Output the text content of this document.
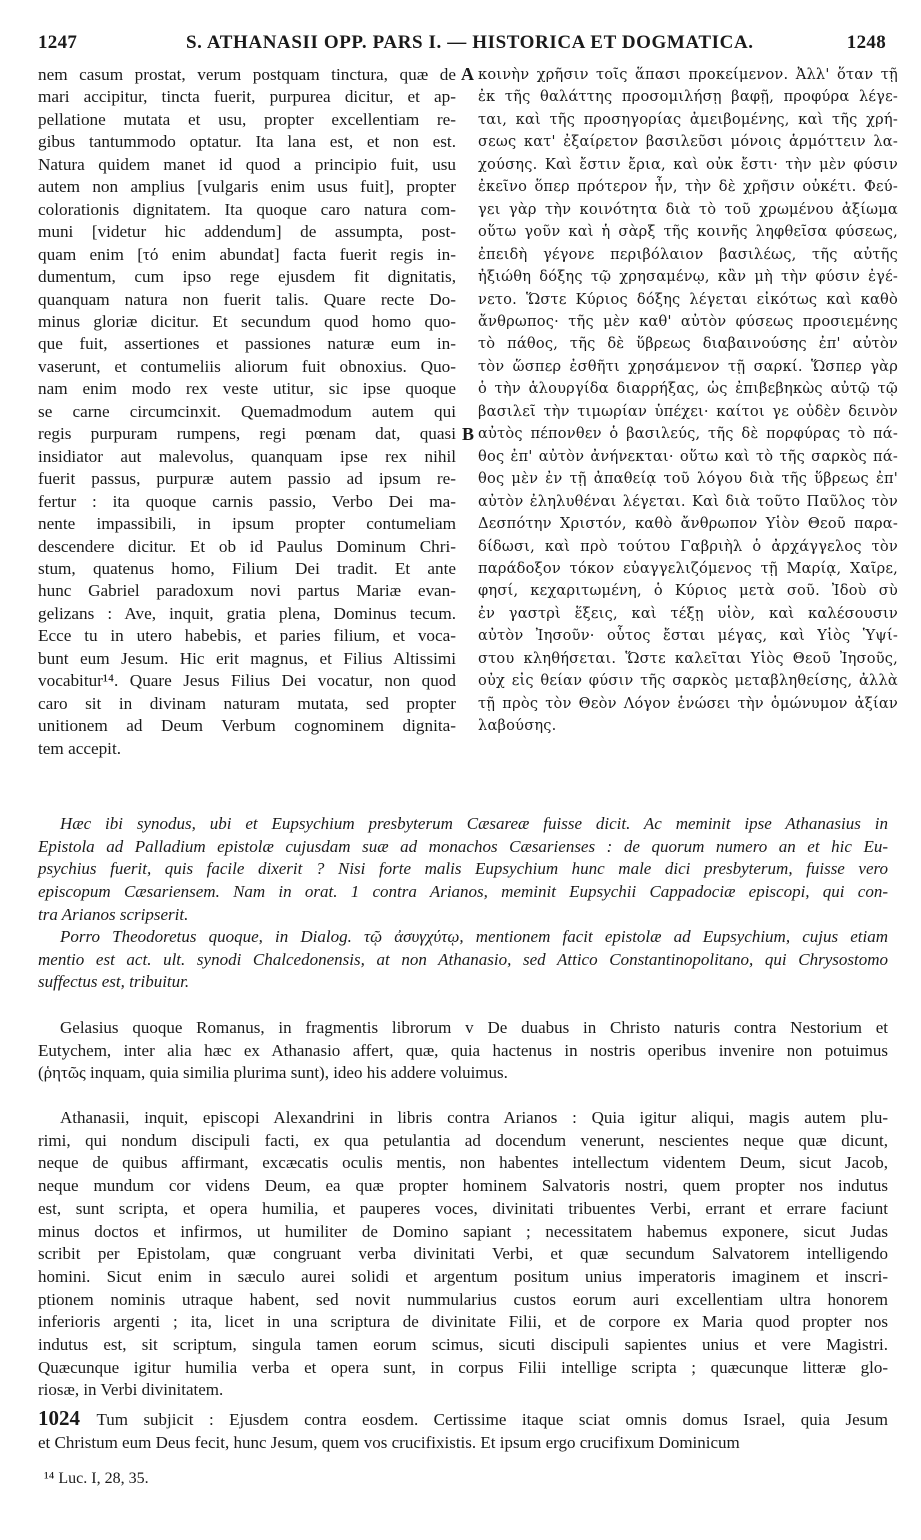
1247	S. ATHANASII OPP. PARS I. — HISTORICA ET DOGMATICA.	1248
nem casum prostat, verum postquam tinctura, quæ de
mari accipitur, tincta fuerit, purpurea dicitur, et ap-
pellatione mutata et usu, propter excellentiam re-
gibus tantummodo optatur. Ita lana est, et non est.
Natura quidem manet id quod a principio fuit, usu
autem non amplius [vulgaris enim usus fuit], propter
colorationis dignitatem. Ita quoque caro natura com-
muni [videtur hic addendum] de assumpta, post-
quam enim [τό enim abundat] facta fuerit regis in-
dumentum, cum ipso rege ejusdem fit dignitatis,
quanquam natura non fuerit talis. Quare recte Do-
minus gloriæ dicitur. Et secundum quod homo quo-
que fuit, assertiones et passiones naturæ eum in-
vaserunt, et contumeliis aliorum fuit obnoxius. Quo-
nam enim modo rex veste utitur, sic ipse quoque
se carne circumcinxit. Quemadmodum autem qui
regis purpuram rumpens, regi pœnam dat, quasi
insidiator aut malevolus, quanquam ipse rex nihil
fuerit passus, purpuræ autem passio ad ipsum re-
fertur : ita quoque carnis passio, Verbo Dei ma-
nente impassibili, in ipsum propter contumeliam
descendere dicitur. Et ob id Paulus Dominum Chri-
stum, quatenus homo, Filium Dei tradit. Et ante
hunc Gabriel paradoxum novi partus Mariæ evan-
gelizans : Ave, inquit, gratia plena, Dominus tecum.
Ecce tu in utero habebis, et paries filium, et voca-
bunt eum Jesum. Hic erit magnus, et Filius Altissimi
vocabitur¹⁴. Quare Jesus Filius Dei vocatur, non quod
caro sit in divinam naturam mutata, sed propter
unitionem ad Deum Verbum cognominem dignita-
tem accepit.
A
B
κοινὴν χρῆσιν τοῖς ἅπασι προκείμενον. Ἀλλ' ὅταν τῇ
ἐκ τῆς θαλάττης προσομιλήσῃ βαφῇ, προφύρα λέγε-
ται, καὶ τῆς προσηγορίας ἀμειβομένης, καὶ τῆς χρή-
σεως κατ' ἐξαίρετον βασιλεῦσι μόνοις ἁρμόττειν λα-
χούσης. Καὶ ἔστιν ἔρια, καὶ οὐκ ἔστι· τὴν μὲν φύσιν
ἐκεῖνο ὅπερ πρότερον ἦν, τὴν δὲ χρῆσιν οὐκέτι. Φεύ-
γει γὰρ τὴν κοινότητα διὰ τὸ τοῦ χρωμένου ἀξίωμα
οὕτω γοῦν καὶ ἡ σὰρξ τῆς κοινῆς ληφθεῖσα φύσεως,
ἐπειδὴ γέγονε περιβόλαιον βασιλέως, τῆς αὐτῆς
ἠξιώθη δόξης τῷ χρησαμένῳ, κἂν μὴ τὴν φύσιν ἐγέ-
νετο. Ὥστε Κύριος δόξης λέγεται εἰκότως καὶ καθὸ
ἄνθρωπος· τῆς μὲν καθ' αὐτὸν φύσεως προσιεμένης
τὸ πάθος, τῆς δὲ ὕβρεως διαβαινούσης ἐπ' αὐτὸν
τὸν ὥσπερ ἐσθῆτι χρησάμενον τῇ σαρκί. Ὥσπερ γὰρ
ὁ τὴν ἁλουργίδα διαρρήξας, ὡς ἐπιβεβηκὼς αὐτῷ τῷ
βασιλεῖ τὴν τιμωρίαν ὑπέχει· καίτοι γε οὐδὲν δεινὸν
αὐτὸς πέπονθεν ὁ βασιλεύς, τῆς δὲ πορφύρας τὸ πά-
θος ἐπ' αὐτὸν ἀνήνεκται· οὕτω καὶ τὸ τῆς σαρκὸς πά-
θος μὲν ἐν τῇ ἀπαθείᾳ τοῦ λόγου διὰ τῆς ὕβρεως ἐπ'
αὐτὸν ἐληλυθέναι λέγεται. Καὶ διὰ τοῦτο Παῦλος τὸν
Δεσπότην Χριστόν, καθὸ ἄνθρωπον Υἱὸν Θεοῦ παρα-
δίδωσι, καὶ πρὸ τούτου Γαβριὴλ ὁ ἀρχάγγελος τὸν
παράδοξον τόκον εὐαγγελιζόμενος τῇ Μαρίᾳ, Χαῖρε,
φησί, κεχαριτωμένη, ὁ Κύριος μετὰ σοῦ. Ἰδοὺ σὺ
ἐν γαστρὶ ἕξεις, καὶ τέξῃ υἱὸν, καὶ καλέσουσιν
αὐτὸν Ἰησοῦν· οὗτος ἔσται μέγας, καὶ Υἱὸς Ὑψί-
στου κληθήσεται. Ὥστε καλεῖται Υἱὸς Θεοῦ Ἰησοῦς,
οὐχ εἰς θείαν φύσιν τῆς σαρκὸς μεταβληθείσης, ἀλλὰ
τῇ πρὸς τὸν Θεὸν Λόγον ἑνώσει τὴν ὁμώνυμον ἀξίαν
λαβούσης.
Hæc ibi synodus, ubi et Eupsychium presbyterum Cæsareæ fuisse dicit. Ac meminit ipse Athanasius in
Epistola ad Palladium epistolæ cujusdam suæ ad monachos Cæsarienses : de quorum numero an et hic Eu-
psychius fuerit, quis facile dixerit ? Nisi forte malis Eupsychium hunc male dici presbyterum, fuisse vero
episcopum Cæsariensem. Nam in orat. 1 contra Arianos, meminit Eupsychii Cappadociæ episcopi, qui con-
tra Arianos scripserit.
Porro Theodoretus quoque, in Dialog. τῷ ἀσυγχύτῳ, mentionem facit epistolæ ad Eupsychium, cujus etiam
mentio est act. ult. synodi Chalcedonensis, at non Athanasio, sed Attico Constantinopolitano, qui Chrysostomo
suffectus est, tribuitur.
Gelasius quoque Romanus, in fragmentis librorum v De duabus in Christo naturis contra Nestorium et
Eutychem, inter alia hæc ex Athanasio affert, quæ, quia hactenus in nostris operibus invenire non potuimus
(ῥητῶς inquam, quia similia plurima sunt), ideo his addere voluimus.
Athanasii, inquit, episcopi Alexandrini in libris contra Arianos : Quia igitur aliqui, magis autem plu-
rimi, qui nondum discipuli facti, ex qua petulantia ad docendum venerunt, nescientes neque quæ dicunt,
neque de quibus affirmant, excæcatis oculis mentis, non habentes intellectum videntem Deum, sicut Jacob,
neque mundum cor videns Deum, ea quæ propter hominem Salvatoris nostri, quem propter nos indutus
est, sunt scripta, et opera humilia, et pauperes voces, divinitati tribuentes Verbi, errant et errare faciunt
minus doctos et infirmos, ut humiliter de Domino sapiant ; necessitatem habemus exponere, sicut Judas
scribit per Epistolam, quæ congruant verba divinitati Verbi, et quæ secundum Salvatorem intelligendo
homini. Sicut enim in sæculo aurei solidi et argentum positum unius imperatoris imaginem et inscri-
ptionem nominis utraque habent, sed novit nummularius custos eorum auri excellentiam ultra honorem
inferioris argenti ; ita, licet in una scriptura de divinitate Filii, et de corpore ex Maria quod propter nos
indutus est, sit scriptum, singula tamen eorum scimus, sicuti discipuli sapientes unius et vere Magistri.
Quæcunque igitur humilia verba et opera sunt, in corpus Filii intellige scripta ; quæcunque litteræ glo-
riosæ, in Verbi divinitatem.
1024 Tum subjicit : Ejusdem contra eosdem. Certissime itaque sciat omnis domus Israel, quia Jesum
et Christum eum Deus fecit, hunc Jesum, quem vos crucifixistis. Et ipsum ergo crucifixum Dominicum
¹⁴ Luc. I, 28, 35.
